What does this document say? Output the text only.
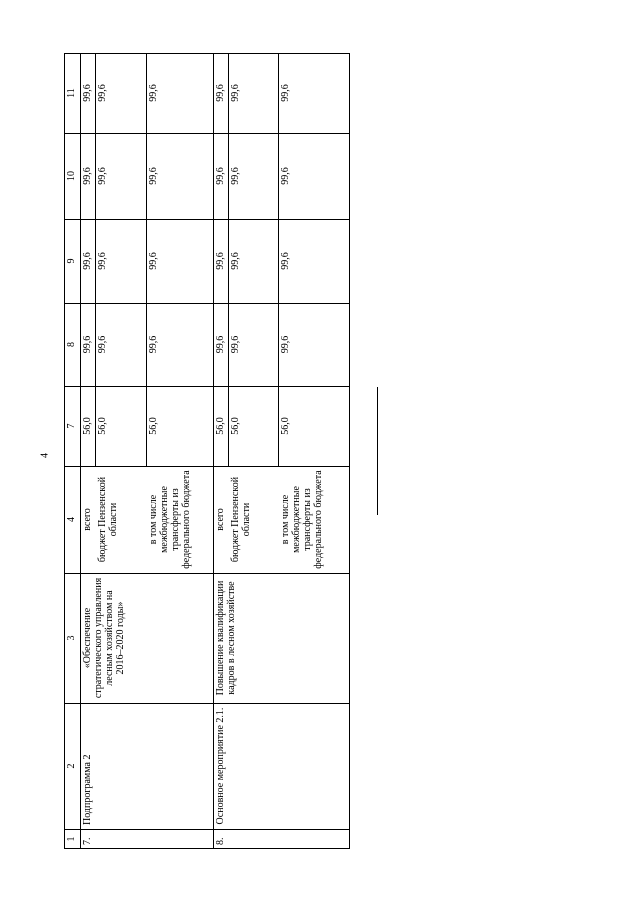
4
1
2
3
4
7
8
9
10
11
7.
Подпрограмма 2
«Обеспечение стратегического управления лесным хозяйством на 2016–2020 годы»
всего бюджет Пензенской области	в том числе межбюджетные трансферты из федерального бюджета
56,0
99,6
99,6
99,6
99,6
56,0
99,6
99,6
99,6
99,6
56,0
99,6
99,6
99,6
99,6
8.
Основное мероприятие 2.1.
Повышение квалификации кадров в лесном хозяйстве
всего бюджет Пензенской области	в том числе межбюджетные трансферты из федерального бюджета
56,0
99,6
99,6
99,6
99,6
56,0
99,6
99,6
99,6
99,6
56,0
99,6
99,6
99,6
99,6
